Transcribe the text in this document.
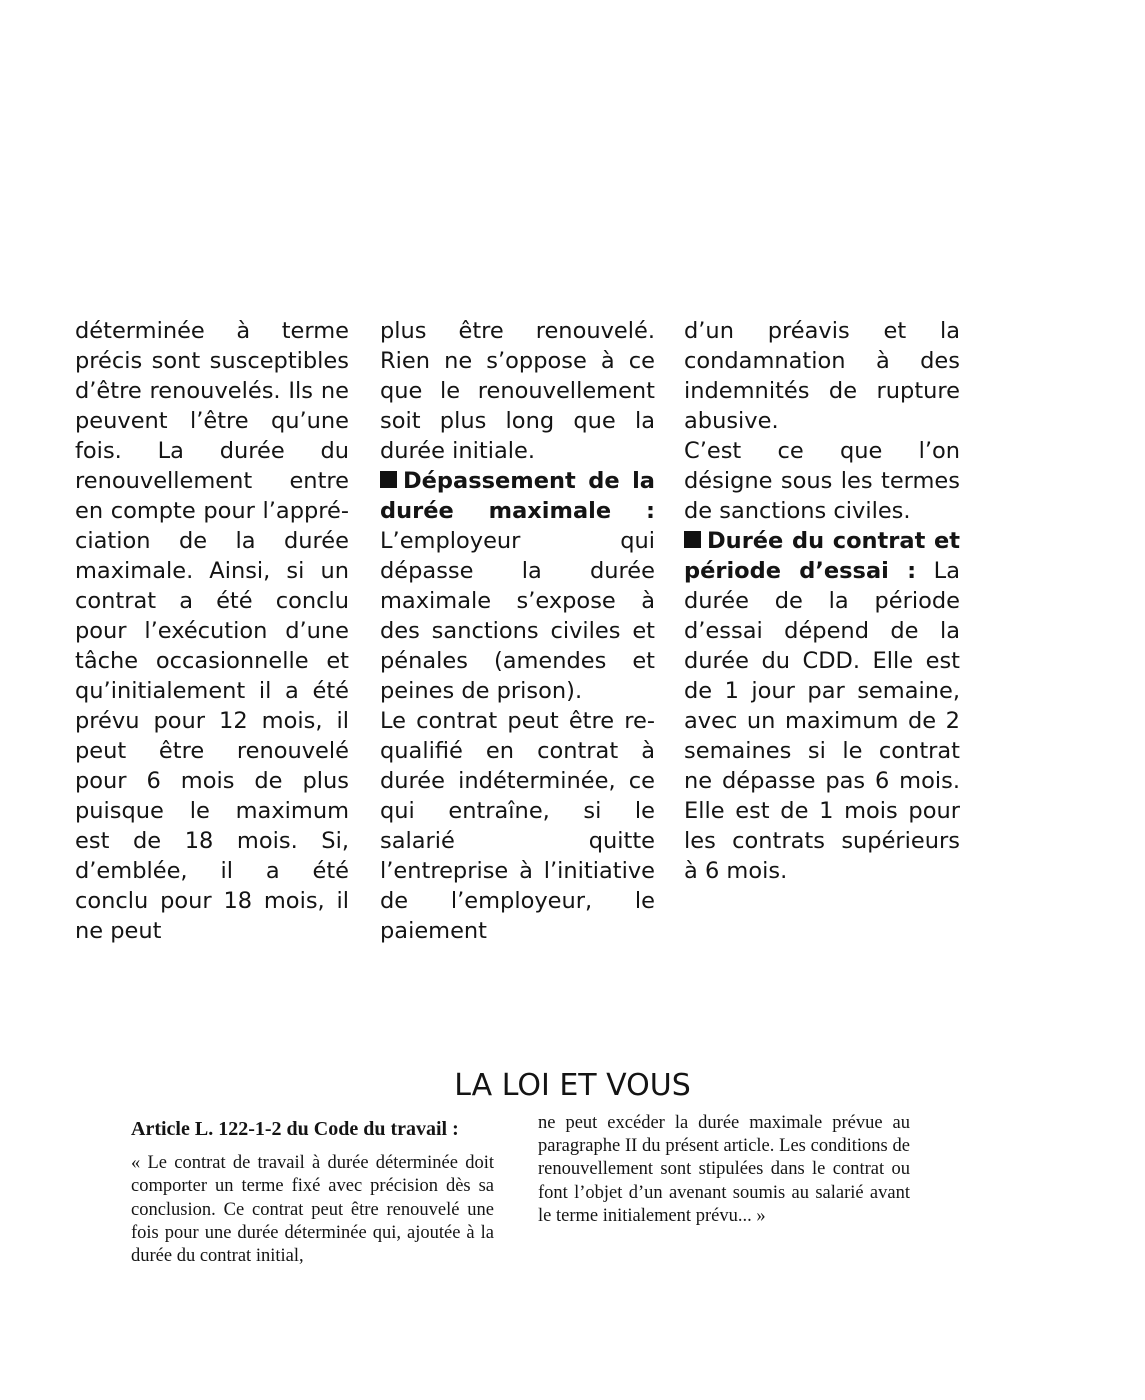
déterminée à terme précis sont susceptibles d’être renouvelés. Ils ne peuvent l’être qu’une fois. La durée du renouvellement entre en compte pour l’appréciation de la durée maximale. Ainsi, si un contrat a été conclu pour l’exécution d’une tâche occasionnelle et qu’initialement il a été prévu pour 12 mois, il peut être renouvelé pour 6 mois de plus puisque le maximum est de 18 mois. Si, d’emblée, il a été conclu pour 18 mois, il ne peut

plus être renouvelé. Rien ne s’oppose à ce que le renouvellement soit plus long que la durée initiale.

Dépassement de la durée maximale : L’employeur qui dépasse la durée maximale s’expose à des sanctions civiles et pénales (amendes et peines de prison).

Le contrat peut être requalifié en contrat à durée indéterminée, ce qui entraîne, si le salarié quitte l’entreprise à l’initiative de l’employeur, le paiement

d’un préavis et la condamnation à des indemnités de rupture abusive.

C’est ce que l’on désigne sous les termes de sanctions civiles.

Durée du contrat et période d’essai : La durée de la période d’essai dépend de la durée du CDD. Elle est de 1 jour par semaine, avec un maximum de 2 semaines si le contrat ne dépasse pas 6 mois. Elle est de 1 mois pour les contrats supérieurs à 6 mois.

LA LOI ET VOUS

Article L. 122-1-2 du Code du travail :

« Le contrat de travail à durée déterminée doit comporter un terme fixé avec précision dès sa conclusion. Ce contrat peut être renouvelé une fois pour une durée déterminée qui, ajoutée à la durée du contrat initial,

ne peut excéder la durée maximale prévue au paragraphe II du présent article. Les conditions de renouvellement sont stipulées dans le contrat ou font l’objet d’un avenant soumis au salarié avant le terme initialement prévu... »
